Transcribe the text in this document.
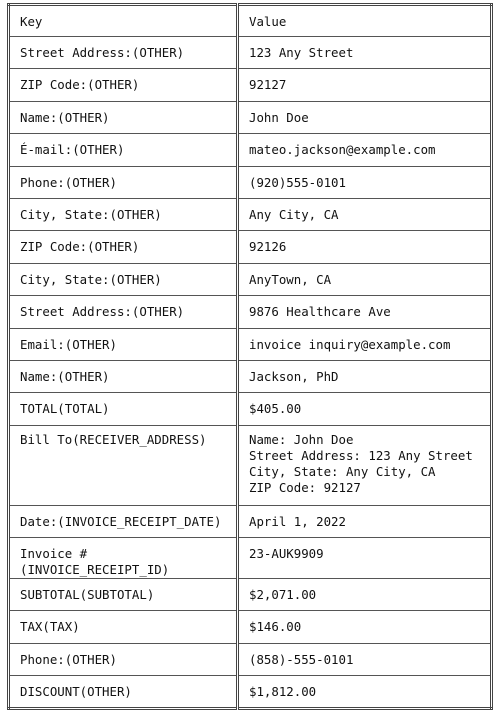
Key	Value
Street Address:(OTHER)	123 Any Street
ZIP Code:(OTHER)	92127
Name:(OTHER)	John Doe
É-mail:(OTHER)	mateo.jackson@example.com
Phone:(OTHER)	(920)555-0101
City, State:(OTHER)	Any City, CA
ZIP Code:(OTHER)	92126
City, State:(OTHER)	AnyTown, CA
Street Address:(OTHER)	9876 Healthcare Ave
Email:(OTHER)	invoice inquiry@example.com
Name:(OTHER)	Jackson, PhD
TOTAL(TOTAL)	$405.00
Bill To(RECEIVER_ADDRESS)	Name: John Doe
Street Address: 123 Any Street
City, State: Any City, CA
ZIP Code: 92127
Date:(INVOICE_RECEIPT_DATE)	April 1, 2022
Invoice #(INVOICE_RECEIPT_ID)	23-AUK9909
SUBTOTAL(SUBTOTAL)	$2,071.00
TAX(TAX)	$146.00
Phone:(OTHER)	(858)-555-0101
DISCOUNT(OTHER)	$1,812.00
